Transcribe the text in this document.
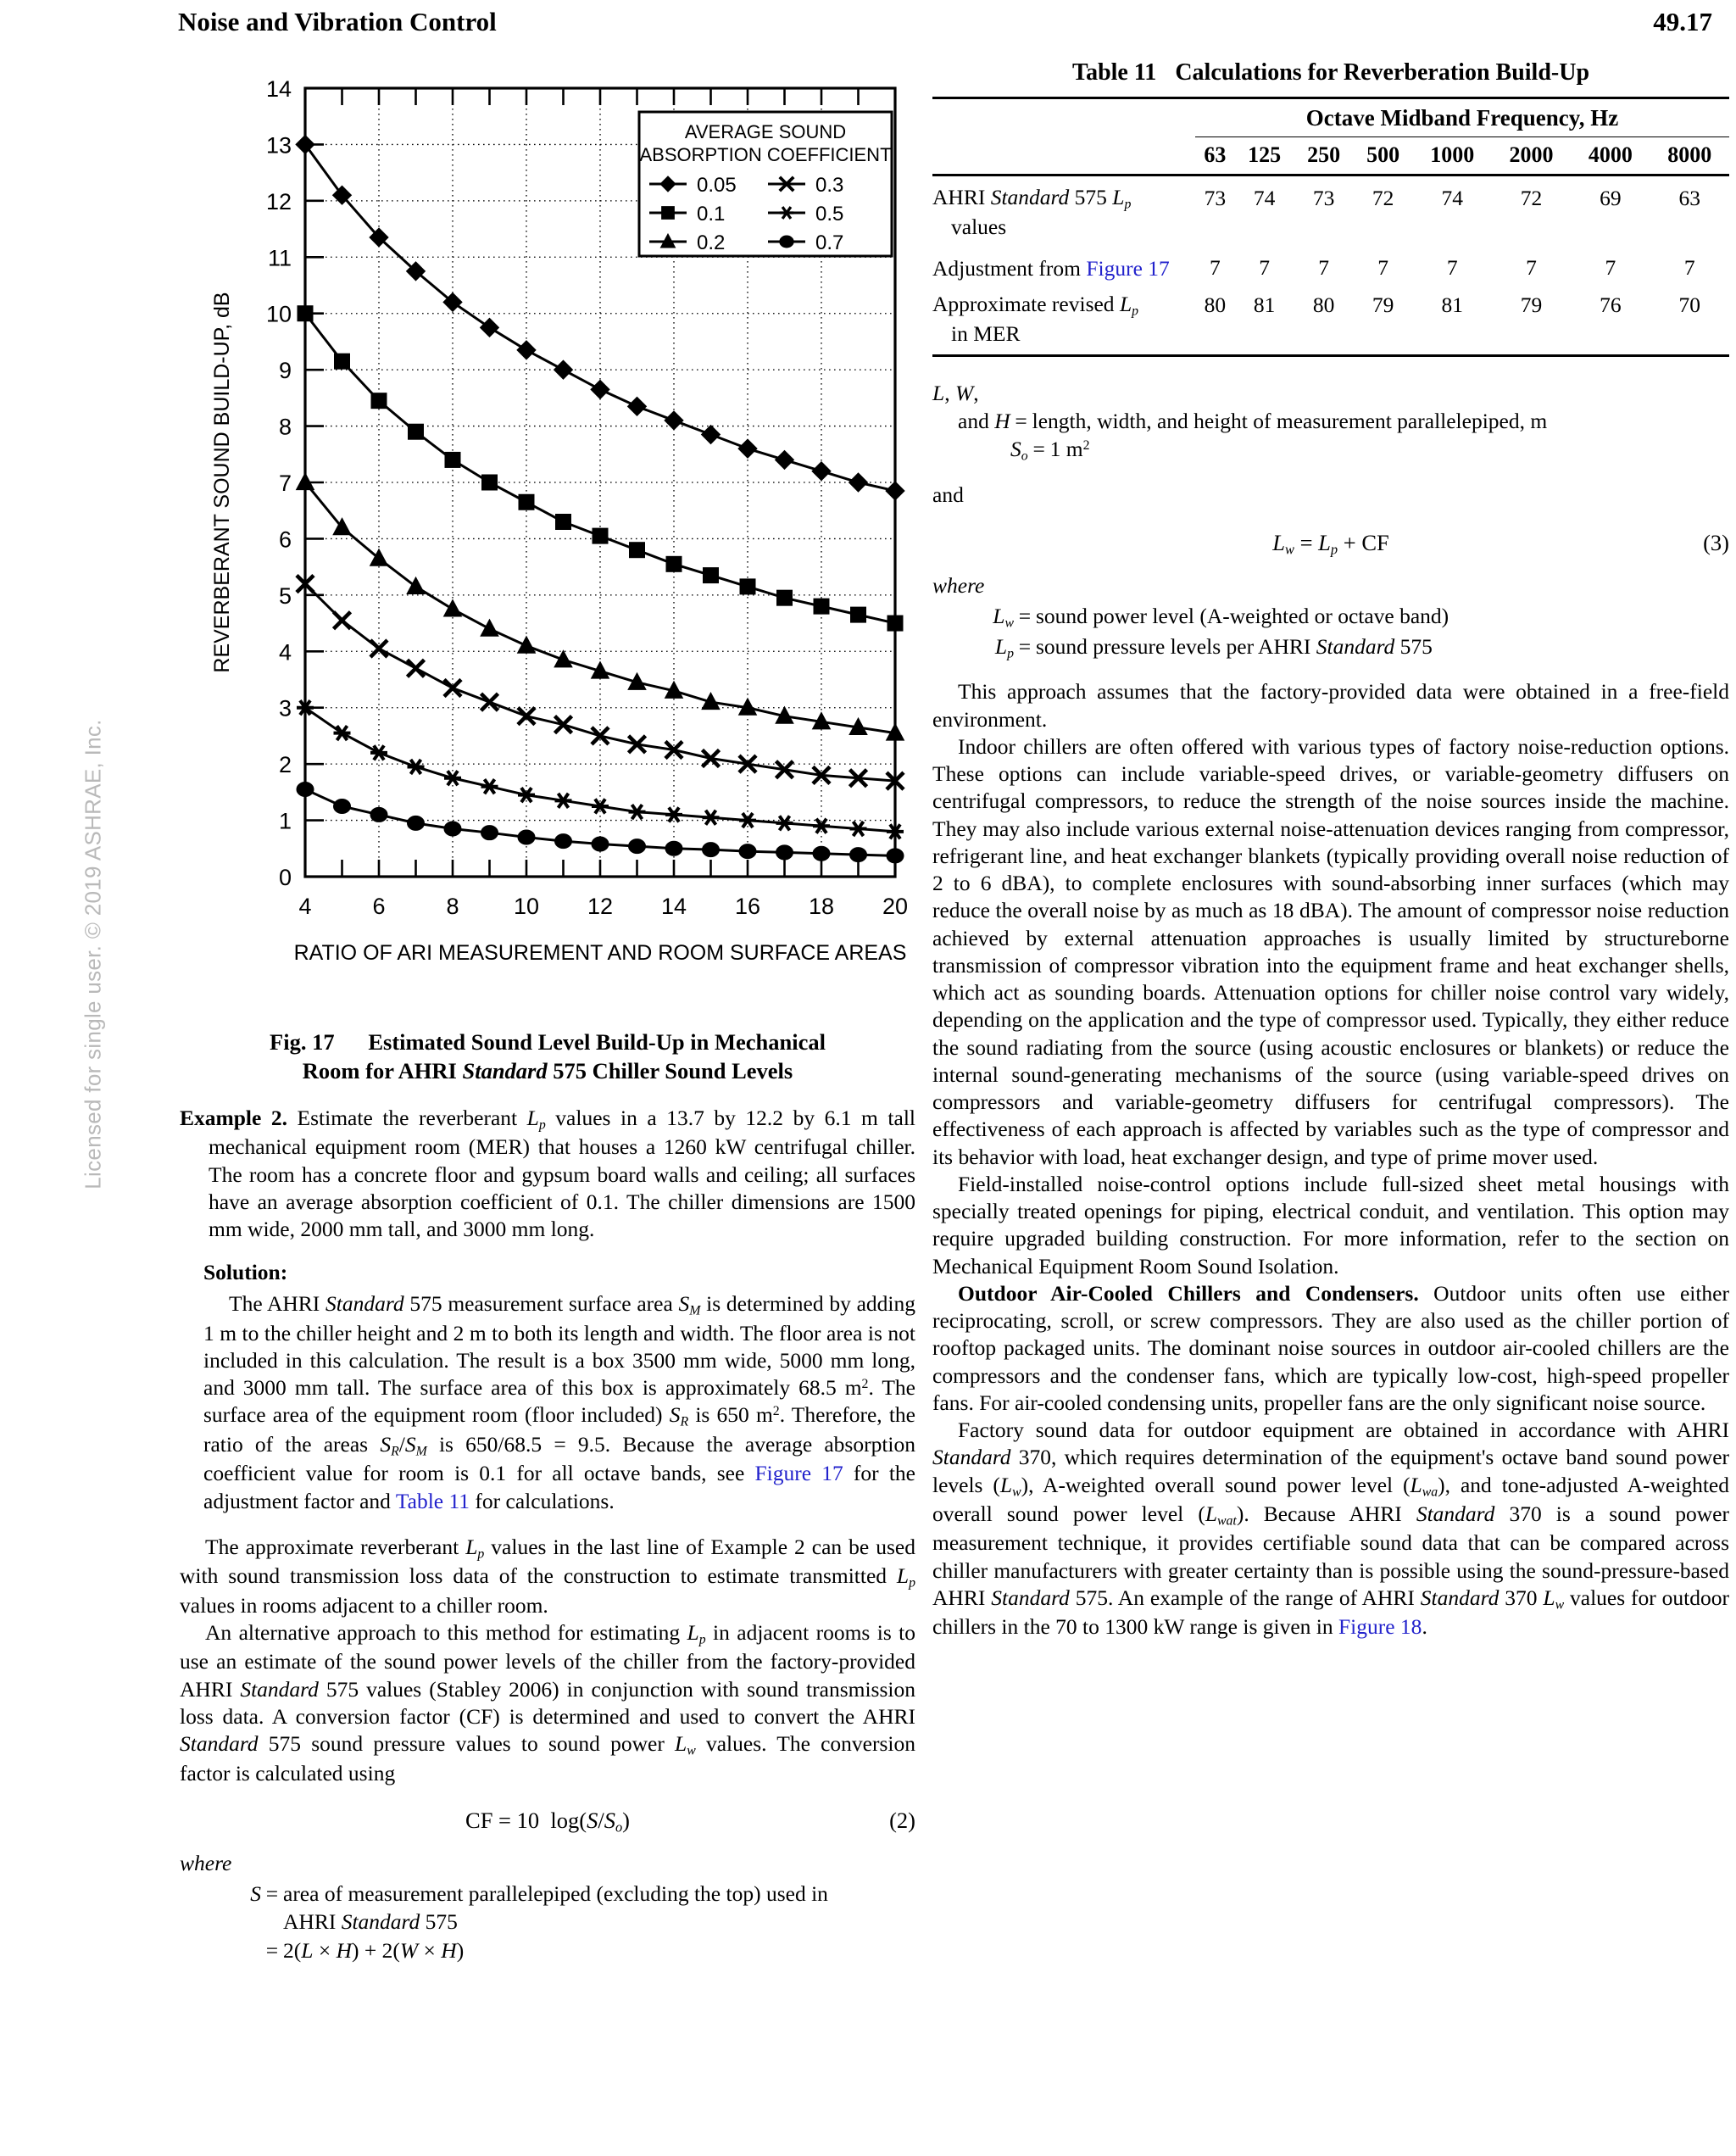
Noise and Vibration Control	49.17
Licensed for single user. © 2019 ASHRAE, Inc.	0
1
2
3
4
5
6
7
8
9
10
11
12
13
14
4	6	8 10 12 14 16 18 20
RATIO OF ARI MEASUREMENT AND ROOM SURFACE AREAS
REVERBERANT SOUND BUILD-UP, dB
AVERAGE SOUND
ABSORPTION COEFFICIENT
0.05
0.1
0.2
0.3
0.5
0.7
Fig. 17 Estimated Sound Level Build-Up in Mechanical
Room for AHRI Standard 575 Chiller Sound Levels
Example 2. Estimate the reverberant $L_p$ values in a 13.7 by 12.2 by 6.1 m tall mechanical equipment room (MER) that houses a 1260 kW centrifugal chiller. The room has a concrete floor and gypsum board walls and ceiling; all surfaces have an average absorption coefficient of 0.1. The chiller dimensions are 1500 mm wide, 2000 mm tall, and 3000 mm long.
Solution:
The AHRI Standard 575 measurement surface area $S_M$ is determined by adding 1 m to the chiller height and 2 m to both its length and width. The floor area is not included in this calculation. The result is a box 3500 mm wide, 5000 mm long, and 3000 mm tall. The surface area of this box is approximately 68.5 $m^2$. The surface area of the equipment room (floor included) $S_R$ is 650 $m^2$. Therefore, the ratio of the areas $S_R/S_M$ is 650/68.5 = 9.5. Because the average absorption coefficient value for room is 0.1 for all octave bands, see Figure 17 for the adjustment factor and Table 11 for calculations.

The approximate reverberant $L_p$ values in the last line of Example 2 can be used with sound transmission loss data of the construction to estimate transmitted $L_p$ values in rooms adjacent to a chiller room.

An alternative approach to this method for estimating $L_p$ in adjacent rooms is to use an estimate of the sound power levels of the chiller from the factory-provided AHRI Standard 575 values (Stabley 2006) in conjunction with sound transmission loss data. A conversion factor (CF) is determined and used to convert the AHRI Standard 575 sound pressure values to sound power $L_w$ values. The conversion factor is calculated using

CF = 10  $\log(S/S_o)$	(2)
where
S = area of measurement parallelepiped (excluding the top) used in
AHRI Standard 575
= 2(L × H) + 2(W × H)
Table 11 Calculations for Reverberation Build-Up
	Octave Midband Frequency, Hz							
	63	125	250	500	1000	2000	4000	8000
AHRI Standard 575 $L_p$	73	74	73	72	74	72	69	63
values								
Adjustment from Figure 17	7	7	7	7	7	7	7	7
Approximate revised $L_p$	80	81	80	79	81	79	76	70
in MER								

L, W,
and H = length, width, and height of measurement parallelepiped, m
$S_o = 1$ $m^2$
and
$L_w = L_p$ + CF	(3)
where
$L_w$ = sound power level (A-weighted or octave band)
$L_p$ = sound pressure levels per AHRI Standard 575

This approach assumes that the factory-provided data were obtained in a free-field environment.

Indoor chillers are often offered with various types of factory noise-reduction options. These options can include variable-speed drives, or variable-geometry diffusers on centrifugal compressors, to reduce the strength of the noise sources inside the machine. They may also include various external noise-attenuation devices ranging from compressor, refrigerant line, and heat exchanger blankets (typically providing overall noise reduction of 2 to 6 dBA), to complete enclosures with sound-absorbing inner surfaces (which may reduce the overall noise by as much as 18 dBA). The amount of compressor noise reduction achieved by external attenuation approaches is usually limited by structureborne transmission of compressor vibration into the equipment frame and heat exchanger shells, which act as sounding boards. Attenuation options for chiller noise control vary widely, depending on the application and the type of compressor used. Typically, they either reduce the sound radiating from the source (using acoustic enclosures or blankets) or reduce the internal sound-generating mechanisms of the source (using variable-speed drives on compressors and variable-geometry diffusers for centrifugal compressors). The effectiveness of each approach is affected by variables such as the type of compressor and its behavior with load, heat exchanger design, and type of prime mover used.

Field-installed noise-control options include full-sized sheet metal housings with specially treated openings for piping, electrical conduit, and ventilation. This option may require upgraded building construction. For more information, refer to the section on Mechanical Equipment Room Sound Isolation.

Outdoor Air-Cooled Chillers and Condensers. Outdoor units often use either reciprocating, scroll, or screw compressors. They are also used as the chiller portion of rooftop packaged units. The dominant noise sources in outdoor air-cooled chillers are the compressors and the condenser fans, which are typically low-cost, high-speed propeller fans. For air-cooled condensing units, propeller fans are the only significant noise source.

Factory sound data for outdoor equipment are obtained in accordance with AHRI Standard 370, which requires determination of the equipment's octave band sound power levels $(L_w)$, A-weighted overall sound power level $(L_{wa})$, and tone-adjusted A-weighted overall sound power level $(L_{wat})$. Because AHRI Standard 370 is a sound power measurement technique, it provides certifiable sound data that can be compared across chiller manufacturers with greater certainty than is possible using the sound-pressure-based AHRI Standard 575. An example of the range of AHRI Standard 370 $L_w$ values for outdoor chillers in the 70 to 1300 kW range is given in Figure 18.
